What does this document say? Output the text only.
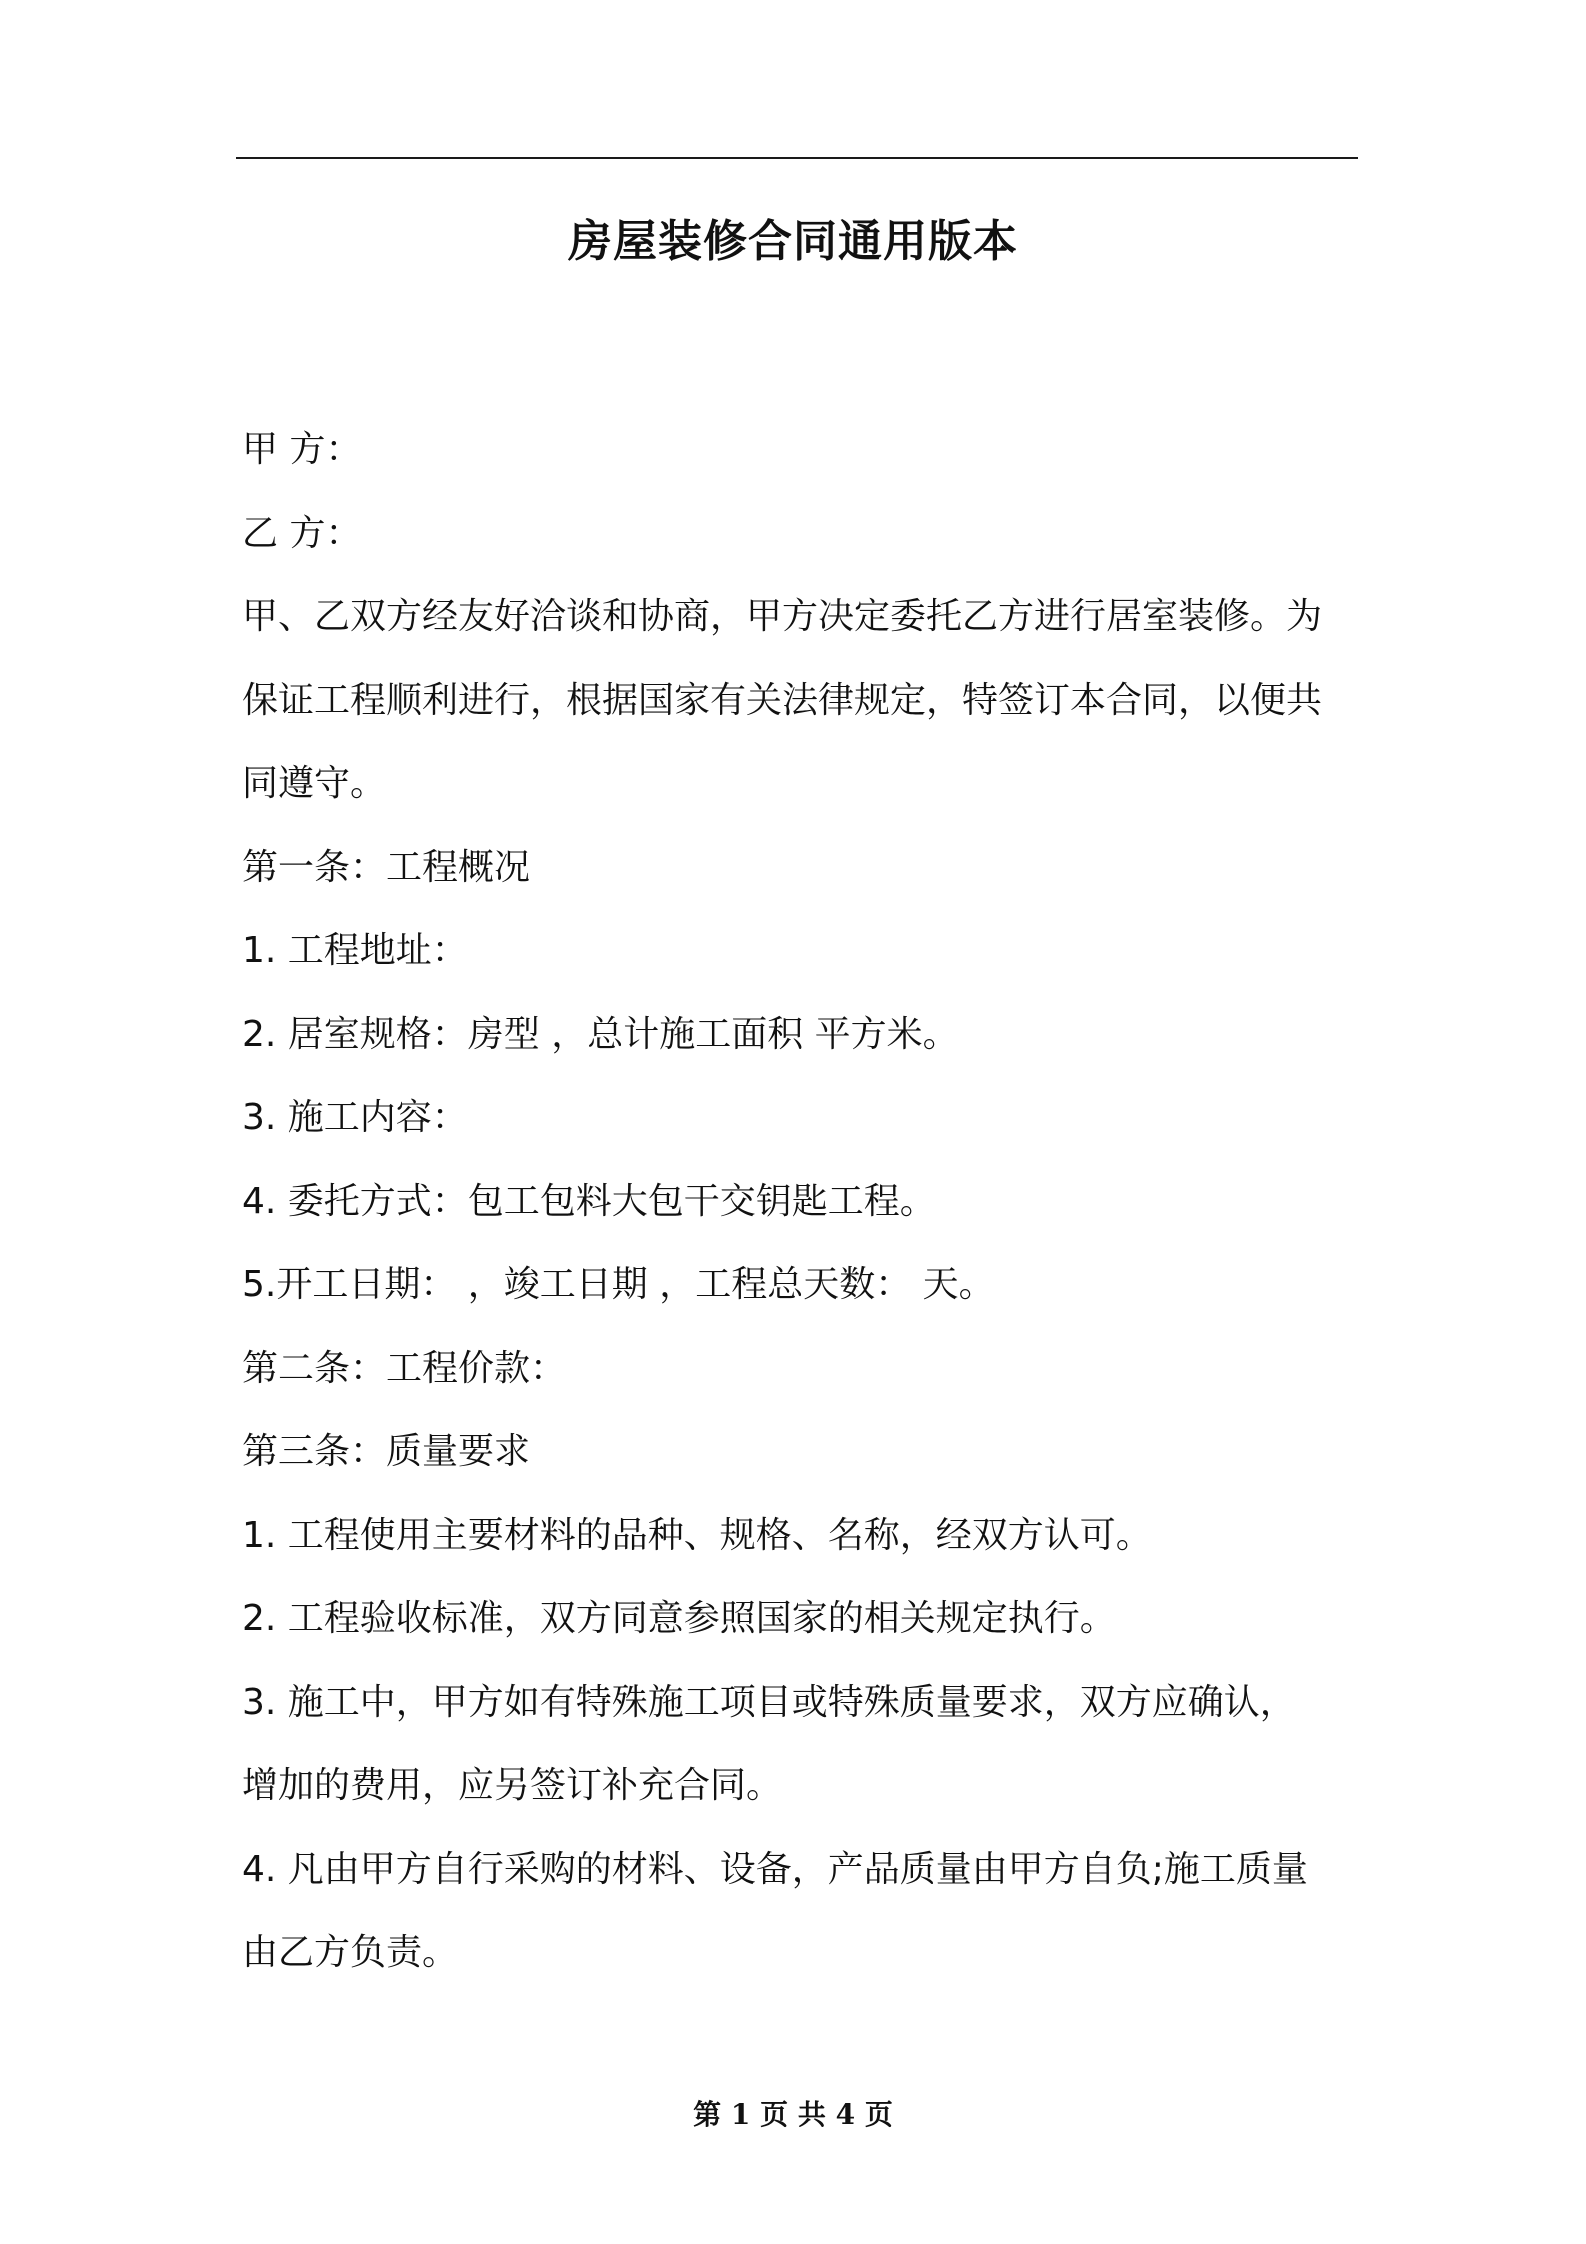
房屋装修合同通用版本

甲 方：

乙 方：

甲、乙双方经友好洽谈和协商，甲方决定委托乙方进行居室装修。为

保证工程顺利进行，根据国家有关法律规定，特签订本合同，以便共

同遵守。

第一条：工程概况

1. 工程地址：

2. 居室规格：房型 ，总计施工面积 平方米。

3. 施工内容：

4. 委托方式：包工包料大包干交钥匙工程。

5.开工日期： ，竣工日期 ，工程总天数： 天。

第二条：工程价款：

第三条：质量要求

1. 工程使用主要材料的品种、规格、名称，经双方认可。

2. 工程验收标准，双方同意参照国家的相关规定执行。

3. 施工中，甲方如有特殊施工项目或特殊质量要求，双方应确认，

增加的费用，应另签订补充合同。

4. 凡由甲方自行采购的材料、设备，产品质量由甲方自负;施工质量

由乙方负责。

第 1 页 共 4 页
